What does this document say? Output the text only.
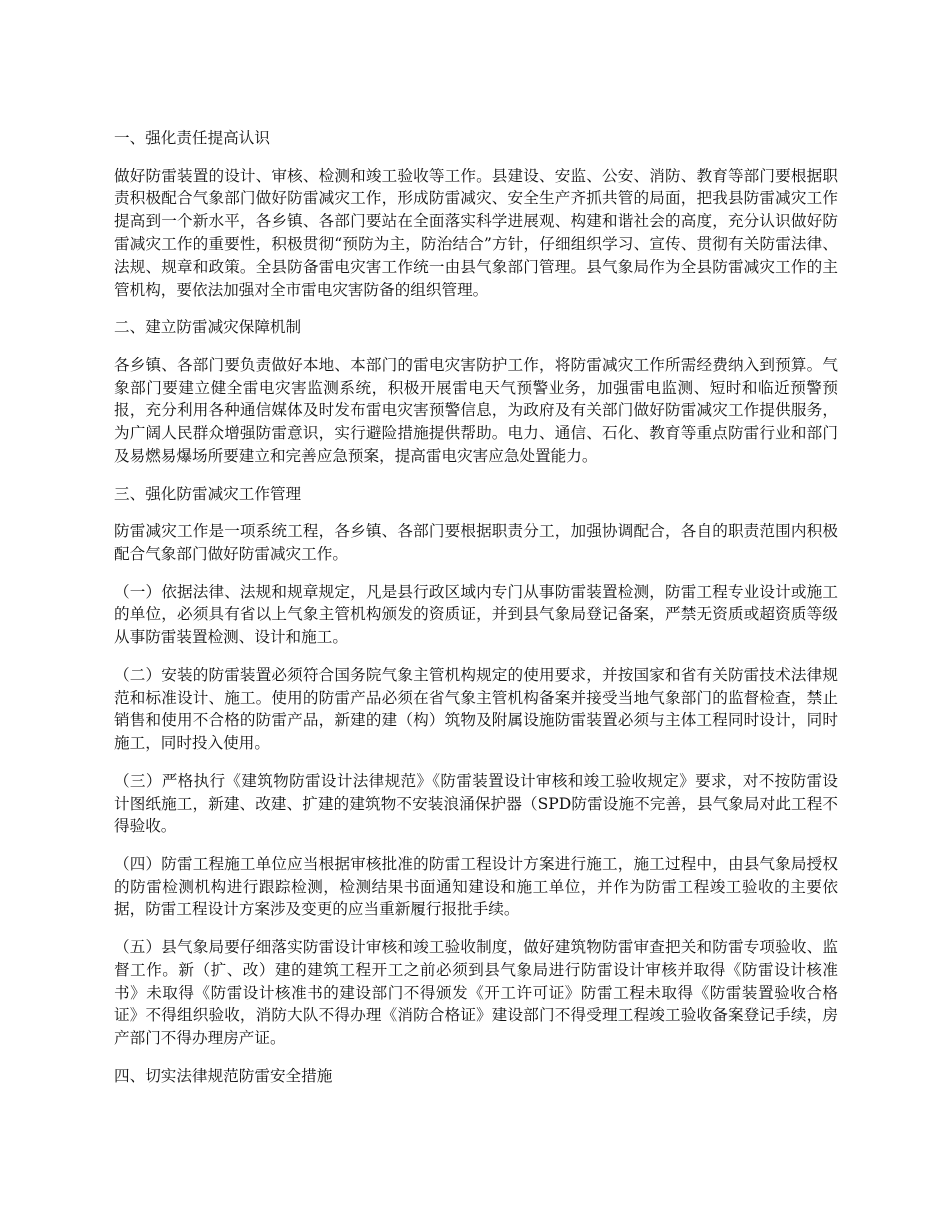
一、强化责任提高认识

做好防雷装置的设计、审核、检测和竣工验收等工作。县建设、安监、公安、消防、教育等部门要根据职责积极配合气象部门做好防雷减灾工作，形成防雷减灾、安全生产齐抓共管的局面，把我县防雷减灾工作提高到一个新水平，各乡镇、各部门要站在全面落实科学进展观、构建和谐社会的高度，充分认识做好防雷减灾工作的重要性，积极贯彻“预防为主，防治结合”方针，仔细组织学习、宣传、贯彻有关防雷法律、法规、规章和政策。全县防备雷电灾害工作统一由县气象部门管理。县气象局作为全县防雷减灾工作的主管机构，要依法加强对全市雷电灾害防备的组织管理。

二、建立防雷减灾保障机制

各乡镇、各部门要负责做好本地、本部门的雷电灾害防护工作，将防雷减灾工作所需经费纳入到预算。气象部门要建立健全雷电灾害监测系统，积极开展雷电天气预警业务，加强雷电监测、短时和临近预警预报，充分利用各种通信媒体及时发布雷电灾害预警信息，为政府及有关部门做好防雷减灾工作提供服务，为广阔人民群众增强防雷意识，实行避险措施提供帮助。电力、通信、石化、教育等重点防雷行业和部门及易燃易爆场所要建立和完善应急预案，提高雷电灾害应急处置能力。

三、强化防雷减灾工作管理

防雷减灾工作是一项系统工程，各乡镇、各部门要根据职责分工，加强协调配合，各自的职责范围内积极配合气象部门做好防雷减灾工作。

（一）依据法律、法规和规章规定，凡是县行政区域内专门从事防雷装置检测，防雷工程专业设计或施工的单位，必须具有省以上气象主管机构颁发的资质证，并到县气象局登记备案，严禁无资质或超资质等级从事防雷装置检测、设计和施工。

（二）安装的防雷装置必须符合国务院气象主管机构规定的使用要求，并按国家和省有关防雷技术法律规范和标准设计、施工。使用的防雷产品必须在省气象主管机构备案并接受当地气象部门的监督检查，禁止销售和使用不合格的防雷产品，新建的建（构）筑物及附属设施防雷装置必须与主体工程同时设计，同时施工，同时投入使用。

（三）严格执行《建筑物防雷设计法律规范》《防雷装置设计审核和竣工验收规定》要求，对不按防雷设计图纸施工，新建、改建、扩建的建筑物不安装浪涌保护器（SPD防雷设施不完善，县气象局对此工程不得验收。

（四）防雷工程施工单位应当根据审核批准的防雷工程设计方案进行施工，施工过程中，由县气象局授权的防雷检测机构进行跟踪检测，检测结果书面通知建设和施工单位，并作为防雷工程竣工验收的主要依据，防雷工程设计方案涉及变更的应当重新履行报批手续。

（五）县气象局要仔细落实防雷设计审核和竣工验收制度，做好建筑物防雷审查把关和防雷专项验收、监督工作。新（扩、改）建的建筑工程开工之前必须到县气象局进行防雷设计审核并取得《防雷设计核准书》未取得《防雷设计核准书的建设部门不得颁发《开工许可证》防雷工程未取得《防雷装置验收合格证》不得组织验收，消防大队不得办理《消防合格证》建设部门不得受理工程竣工验收备案登记手续，房产部门不得办理房产证。

四、切实法律规范防雷安全措施
